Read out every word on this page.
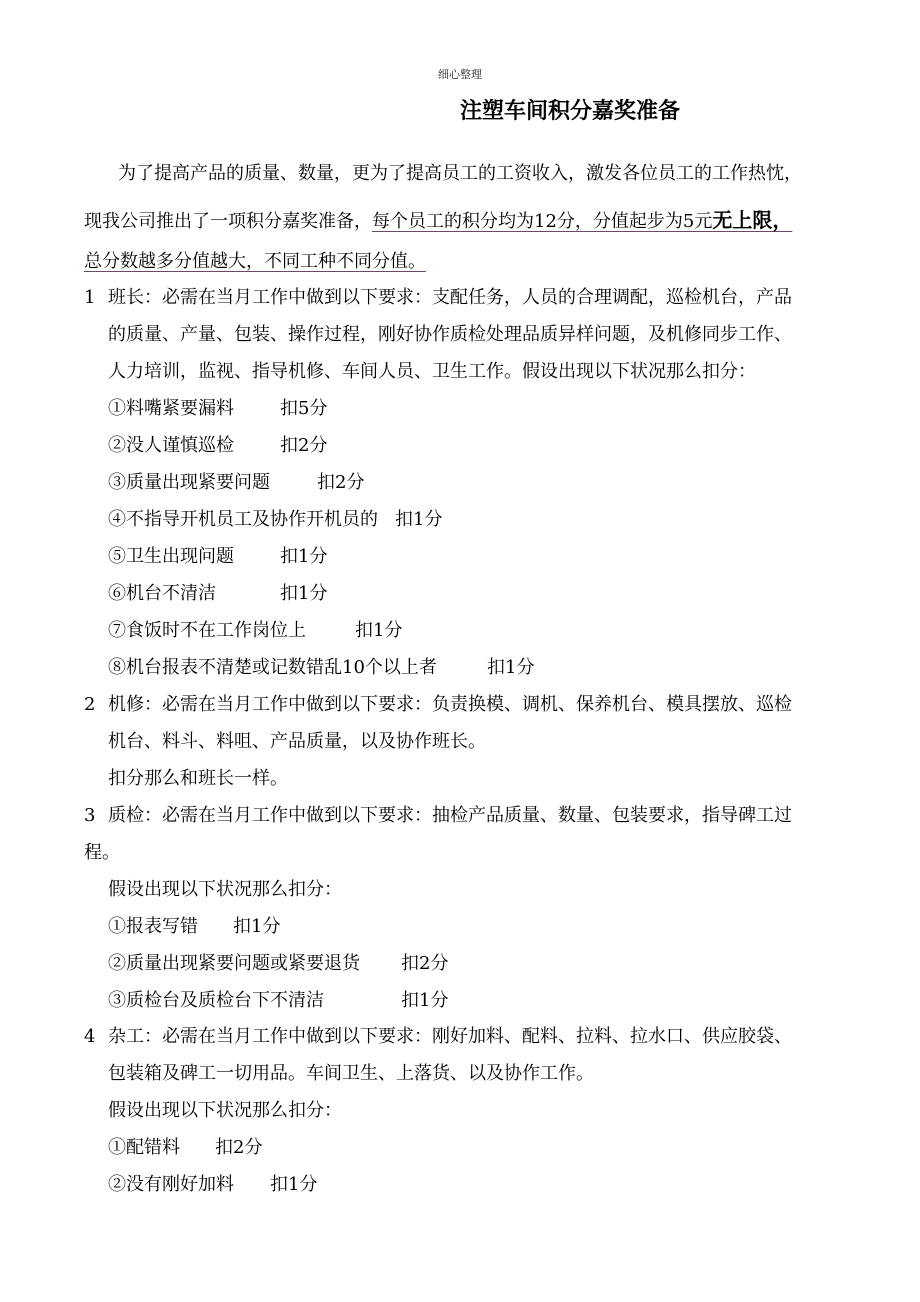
细心整理
注塑车间积分嘉奖准备
为了提高产品的质量、数量，更为了提高员工的工资收入，激发各位员工的工作热忱，
现我公司推出了一项积分嘉奖准备，每个员工的积分均为12分，分值起步为5元无上限，
总分数越多分值越大，不同工种不同分值。
1 班长：必需在当月工作中做到以下要求：支配任务，人员的合理调配，巡检机台，产品
的质量、产量、包装、操作过程，刚好协作质检处理品质异样问题，及机修同步工作、
人力培训，监视、指导机修、车间人员、卫生工作。假设出现以下状况那么扣分：
①料嘴紧要漏料	扣5分
②没人谨慎巡检	扣2分
③质量出现紧要问题	扣2分
④不指导开机员工及协作开机员的 扣1分
⑤卫生出现问题	扣1分
⑥机台不清洁	扣1分
⑦食饭时不在工作岗位上	扣1分
⑧机台报表不清楚或记数错乱10个以上者	扣1分
2 机修：必需在当月工作中做到以下要求：负责换模、调机、保养机台、模具摆放、巡检
机台、料斗、料咀、产品质量，以及协作班长。
扣分那么和班长一样。
3 质检：必需在当月工作中做到以下要求：抽检产品质量、数量、包装要求，指导碑工过
程。
假设出现以下状况那么扣分：
①报表写错 扣1分
②质量出现紧要问题或紧要退货 扣2分
③质检台及质检台下不清洁	扣1分
4 杂工：必需在当月工作中做到以下要求：刚好加料、配料、拉料、拉水口、供应胶袋、
包装箱及碑工一切用品。车间卫生、上落货、以及协作工作。
假设出现以下状况那么扣分：
①配错料 扣2分
②没有刚好加料 扣1分
